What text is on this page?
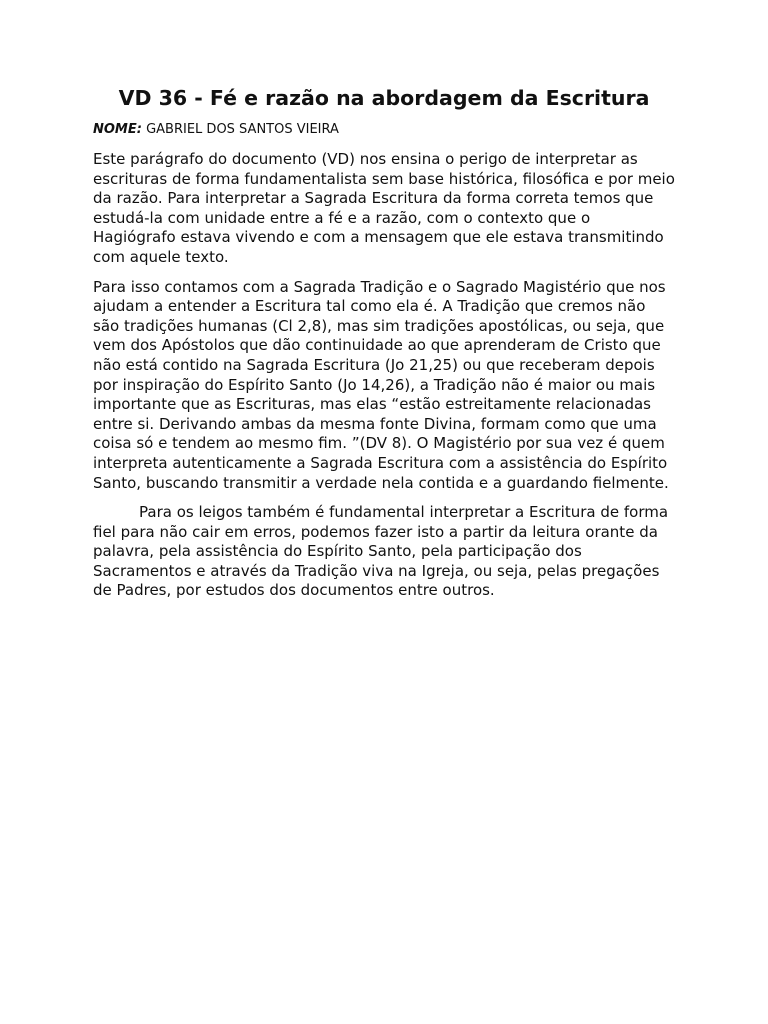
VD 36 - Fé e razão na abordagem da Escritura

NOME: GABRIEL DOS SANTOS VIEIRA

Este parágrafo do documento (VD) nos ensina o perigo de interpretar as escrituras de forma fundamentalista sem base histórica, filosófica e por meio da razão. Para interpretar a Sagrada Escritura da forma correta temos que estudá-la com unidade entre a fé e a razão, com o contexto que o Hagiógrafo estava vivendo e com a mensagem que ele estava transmitindo com aquele texto.

Para isso contamos com a Sagrada Tradição e o Sagrado Magistério que nos ajudam a entender a Escritura tal como ela é. A Tradição que cremos não são tradições humanas (Cl 2,8), mas sim tradições apostólicas, ou seja, que vem dos Apóstolos que dão continuidade ao que aprenderam de Cristo que não está contido na Sagrada Escritura (Jo 21,25) ou que receberam depois por inspiração do Espírito Santo (Jo 14,26), a Tradição não é maior ou mais importante que as Escrituras, mas elas “estão estreitamente relacionadas entre si. Derivando ambas da mesma fonte Divina, formam como que uma coisa só e tendem ao mesmo fim. ”(DV 8). O Magistério por sua vez é quem interpreta autenticamente a Sagrada Escritura com a assistência do Espírito Santo, buscando transmitir a verdade nela contida e a guardando fielmente.

Para os leigos também é fundamental interpretar a Escritura de forma fiel para não cair em erros, podemos fazer isto a partir da leitura orante da palavra, pela assistência do Espírito Santo, pela participação dos Sacramentos e através da Tradição viva na Igreja, ou seja, pelas pregações de Padres, por estudos dos documentos entre outros.
